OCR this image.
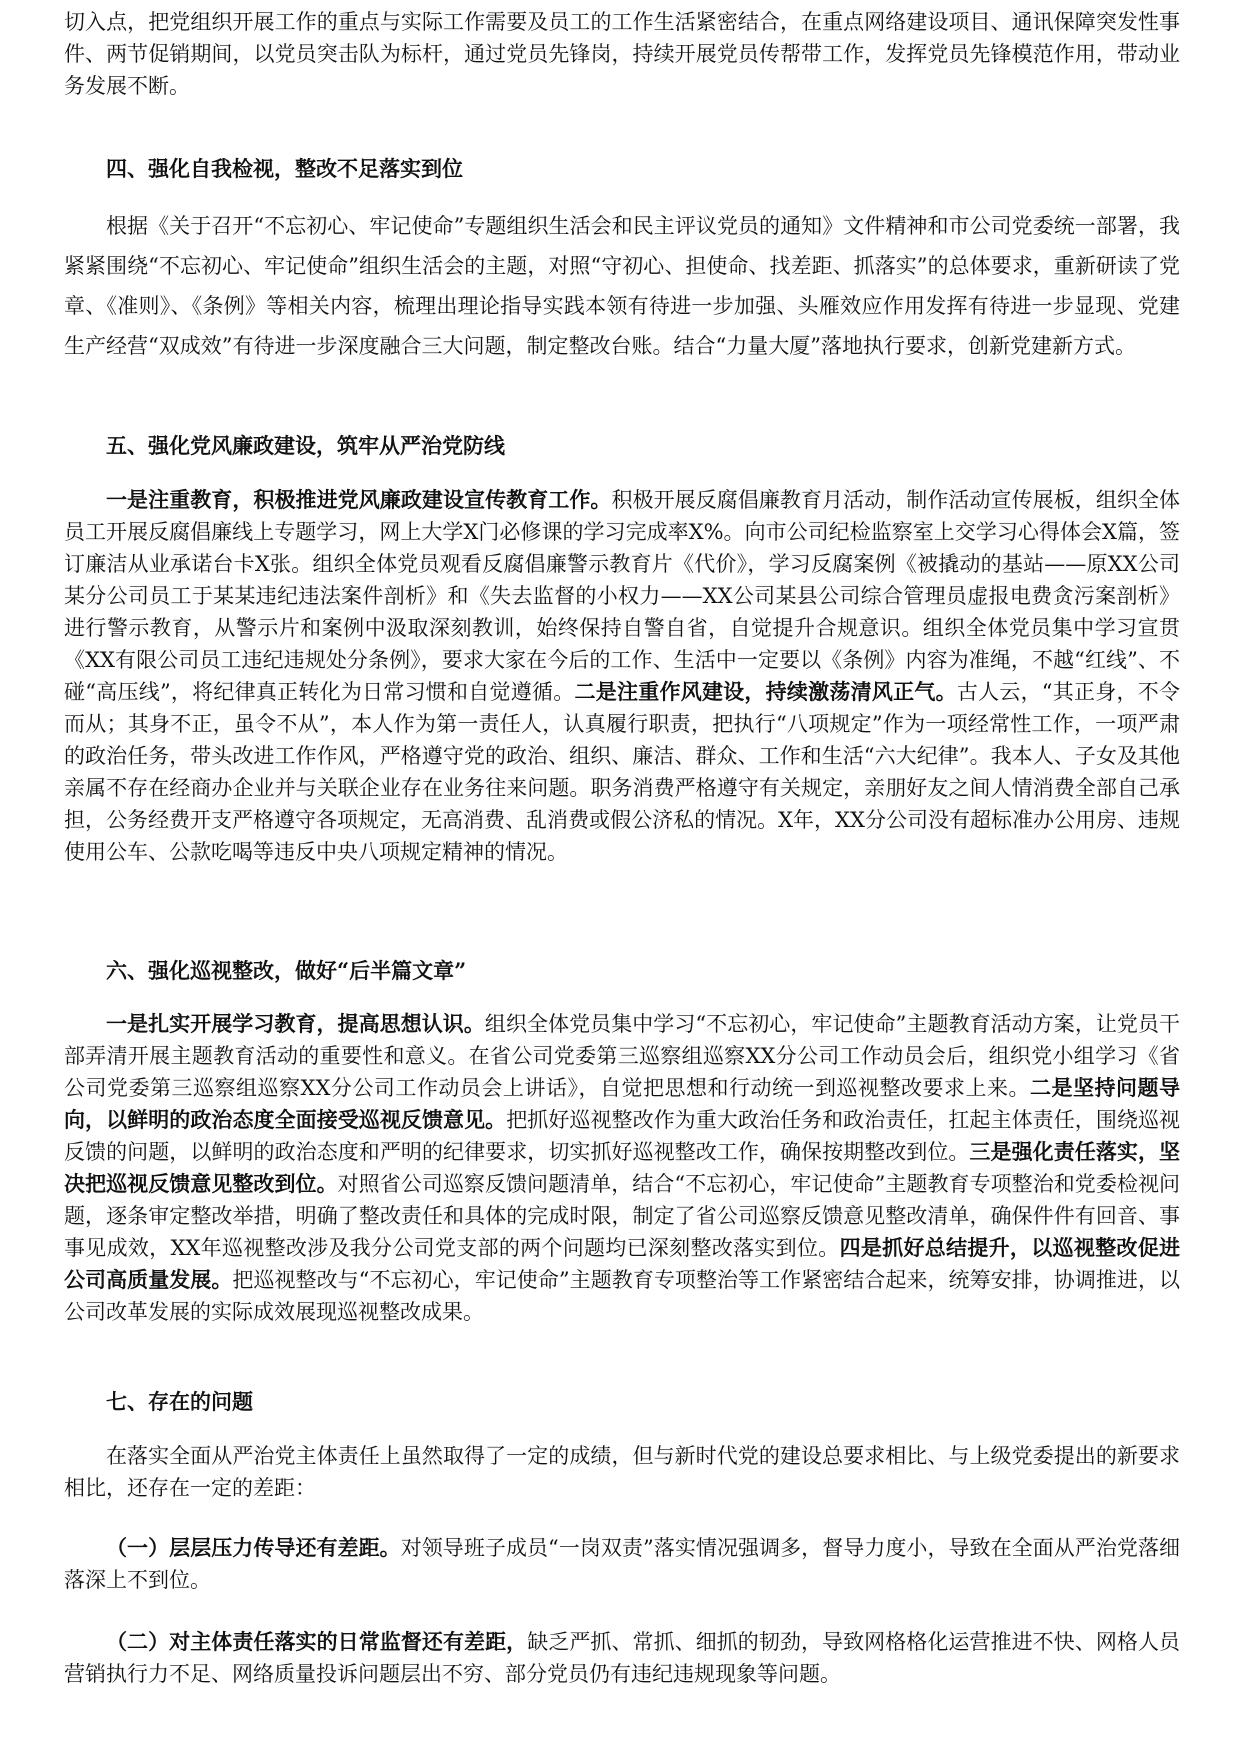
切入点，把党组织开展工作的重点与实际工作需要及员工的工作生活紧密结合，在重点网络建设项目、通讯保障突发性事件、两节促销期间，以党员突击队为标杆，通过党员先锋岗，持续开展党员传帮带工作，发挥党员先锋模范作用，带动业务发展不断。

四、强化自我检视，整改不足落实到位

根据《关于召开“不忘初心、牢记使命”专题组织生活会和民主评议党员的通知》文件精神和市公司党委统一部署，我紧紧围绕“不忘初心、牢记使命”组织生活会的主题，对照“守初心、担使命、找差距、抓落实”的总体要求，重新研读了党章、《准则》、《条例》等相关内容，梳理出理论指导实践本领有待进一步加强、头雁效应作用发挥有待进一步显现、党建生产经营“双成效”有待进一步深度融合三大问题，制定整改台账。结合“力量大厦”落地执行要求，创新党建新方式。

五、强化党风廉政建设，筑牢从严治党防线

一是注重教育，积极推进党风廉政建设宣传教育工作。积极开展反腐倡廉教育月活动，制作活动宣传展板，组织全体员工开展反腐倡廉线上专题学习，网上大学X门必修课的学习完成率X%。向市公司纪检监察室上交学习心得体会X篇，签订廉洁从业承诺台卡X张。组织全体党员观看反腐倡廉警示教育片《代价》，学习反腐案例《被撬动的基站——原XX公司某分公司员工于某某违纪违法案件剖析》和《失去监督的小权力——XX公司某县公司综合管理员虚报电费贪污案剖析》进行警示教育，从警示片和案例中汲取深刻教训，始终保持自警自省，自觉提升合规意识。组织全体党员集中学习宣贯《XX有限公司员工违纪违规处分条例》，要求大家在今后的工作、生活中一定要以《条例》内容为准绳，不越“红线”、不碰“高压线”，将纪律真正转化为日常习惯和自觉遵循。二是注重作风建设，持续激荡清风正气。古人云，“其正身，不令而从；其身不正，虽令不从”，本人作为第一责任人，认真履行职责，把执行“八项规定”作为一项经常性工作，一项严肃的政治任务，带头改进工作作风，严格遵守党的政治、组织、廉洁、群众、工作和生活“六大纪律”。我本人、子女及其他亲属不存在经商办企业并与关联企业存在业务往来问题。职务消费严格遵守有关规定，亲朋好友之间人情消费全部自己承担，公务经费开支严格遵守各项规定，无高消费、乱消费或假公济私的情况。X年，XX分公司没有超标准办公用房、违规使用公车、公款吃喝等违反中央八项规定精神的情况。

六、强化巡视整改，做好“后半篇文章”

一是扎实开展学习教育，提高思想认识。组织全体党员集中学习“不忘初心，牢记使命”主题教育活动方案，让党员干部弄清开展主题教育活动的重要性和意义。在省公司党委第三巡察组巡察XX分公司工作动员会后，组织党小组学习《省公司党委第三巡察组巡察XX分公司工作动员会上讲话》，自觉把思想和行动统一到巡视整改要求上来。二是坚持问题导向，以鲜明的政治态度全面接受巡视反馈意见。把抓好巡视整改作为重大政治任务和政治责任，扛起主体责任，围绕巡视反馈的问题，以鲜明的政治态度和严明的纪律要求，切实抓好巡视整改工作，确保按期整改到位。三是强化责任落实，坚决把巡视反馈意见整改到位。对照省公司巡察反馈问题清单，结合“不忘初心，牢记使命”主题教育专项整治和党委检视问题，逐条审定整改举措，明确了整改责任和具体的完成时限，制定了省公司巡察反馈意见整改清单，确保件件有回音、事事见成效，XX年巡视整改涉及我分公司党支部的两个问题均已深刻整改落实到位。四是抓好总结提升，以巡视整改促进公司高质量发展。把巡视整改与“不忘初心，牢记使命”主题教育专项整治等工作紧密结合起来，统筹安排，协调推进，以公司改革发展的实际成效展现巡视整改成果。

七、存在的问题

在落实全面从严治党主体责任上虽然取得了一定的成绩，但与新时代党的建设总要求相比、与上级党委提出的新要求相比，还存在一定的差距：

（一）层层压力传导还有差距。对领导班子成员“一岗双责”落实情况强调多，督导力度小，导致在全面从严治党落细落深上不到位。

（二）对主体责任落实的日常监督还有差距，缺乏严抓、常抓、细抓的韧劲，导致网格格化运营推进不快、网格人员营销执行力不足、网络质量投诉问题层出不穷、部分党员仍有违纪违规现象等问题。
